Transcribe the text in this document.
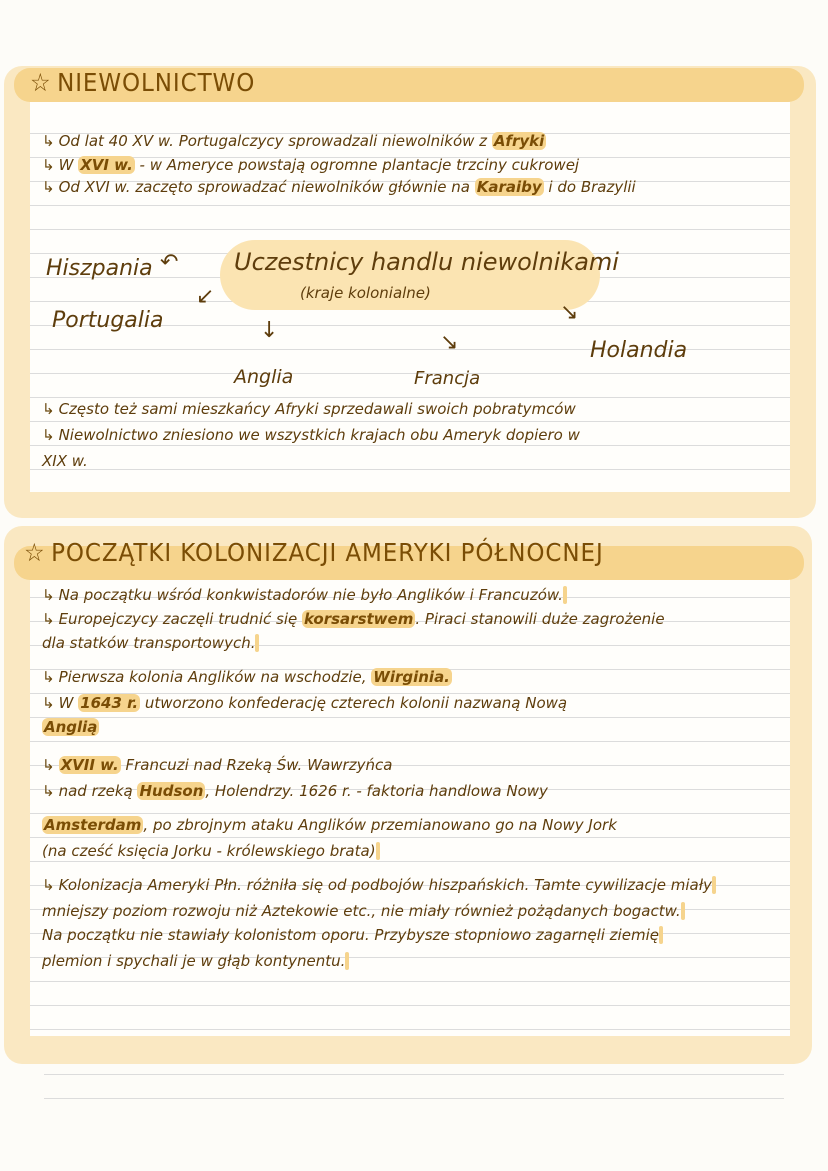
☆ NIEWOLNICTWO
↳ Od lat 40 XV w. Portugalczycy sprowadzali niewolników z Afryki
↳ W XVI w. - w Ameryce powstają ogromne plantacje trzciny cukrowej
↳ Od XVI w. zaczęto sprowadzać niewolników głównie na Karaiby i do Brazylii
Uczestnicy handlu niewolnikami
(kraje kolonialne)
Hiszpania
Portugalia
Holandia
Anglia	Francja
↶
↙
↓	↘
↘
↳ Często też sami mieszkańcy Afryki sprzedawali swoich pobratymców
↳ Niewolnictwo zniesiono we wszystkich krajach obu Ameryk dopiero w
XIX w.
☆ POCZĄTKI KOLONIZACJI AMERYKI PÓŁNOCNEJ
↳ Na początku wśród konkwistadorów nie było Anglików i Francuzów.
↳ Europejczycy zaczęli trudnić się korsarstwem . Piraci stanowili duże zagrożenie
dla statków transportowych.
↳ Pierwsza kolonia Anglików na wschodzie, Wirginia.
↳ W 1643 r. utworzono konfederację czterech kolonii nazwaną Nową
Anglią
↳ XVII w. Francuzi nad Rzeką Św. Wawrzyńca
↳ nad rzeką Hudson , Holendrzy. 1626 r. - faktoria handlowa Nowy
Amsterdam , po zbrojnym ataku Anglików przemianowano go na Nowy Jork
(na cześć księcia Jorku - królewskiego brata)
↳ Kolonizacja Ameryki Płn. różniła się od podbojów hiszpańskich. Tamte cywilizacje miały
mniejszy poziom rozwoju niż Aztekowie etc., nie miały również pożądanych bogactw.
Na początku nie stawiały kolonistom oporu. Przybysze stopniowo zagarnęli ziemię
plemion i spychali je w głąb kontynentu.
